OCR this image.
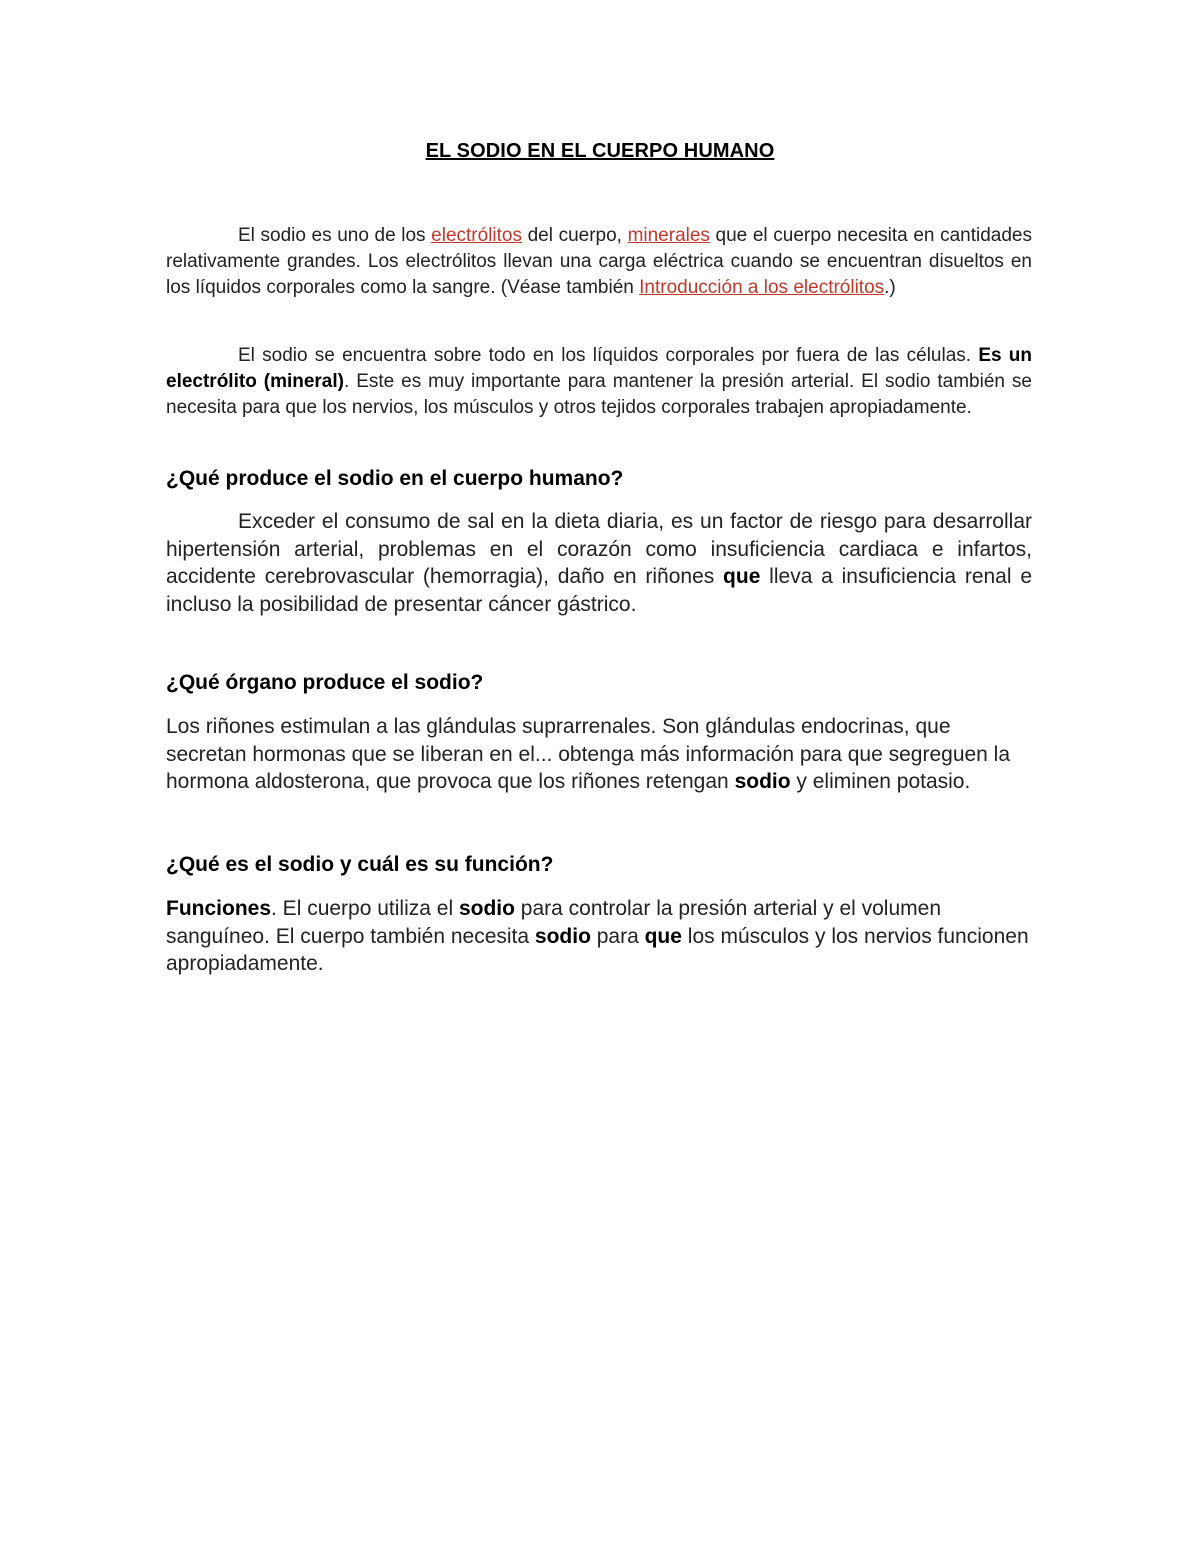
EL SODIO EN EL CUERPO HUMANO

El sodio es uno de los electrólitos del cuerpo, minerales que el cuerpo necesita en cantidades relativamente grandes. Los electrólitos llevan una carga eléctrica cuando se encuentran disueltos en los líquidos corporales como la sangre. (Véase también Introducción a los electrólitos.)

El sodio se encuentra sobre todo en los líquidos corporales por fuera de las células. Es un electrólito (mineral). Este es muy importante para mantener la presión arterial. El sodio también se necesita para que los nervios, los músculos y otros tejidos corporales trabajen apropiadamente.

¿Qué produce el sodio en el cuerpo humano?

Exceder el consumo de sal en la dieta diaria, es un factor de riesgo para desarrollar hipertensión arterial, problemas en el corazón como insuficiencia cardiaca e infartos, accidente cerebrovascular (hemorragia), daño en riñones que lleva a insuficiencia renal e incluso la posibilidad de presentar cáncer gástrico.

¿Qué órgano produce el sodio?

Los riñones estimulan a las glándulas suprarrenales. Son glándulas endocrinas, que secretan hormonas que se liberan en el... obtenga más información para que segreguen la hormona aldosterona, que provoca que los riñones retengan sodio y eliminen potasio.

¿Qué es el sodio y cuál es su función?

Funciones. El cuerpo utiliza el sodio para controlar la presión arterial y el volumen sanguíneo. El cuerpo también necesita sodio para que los músculos y los nervios funcionen apropiadamente.
